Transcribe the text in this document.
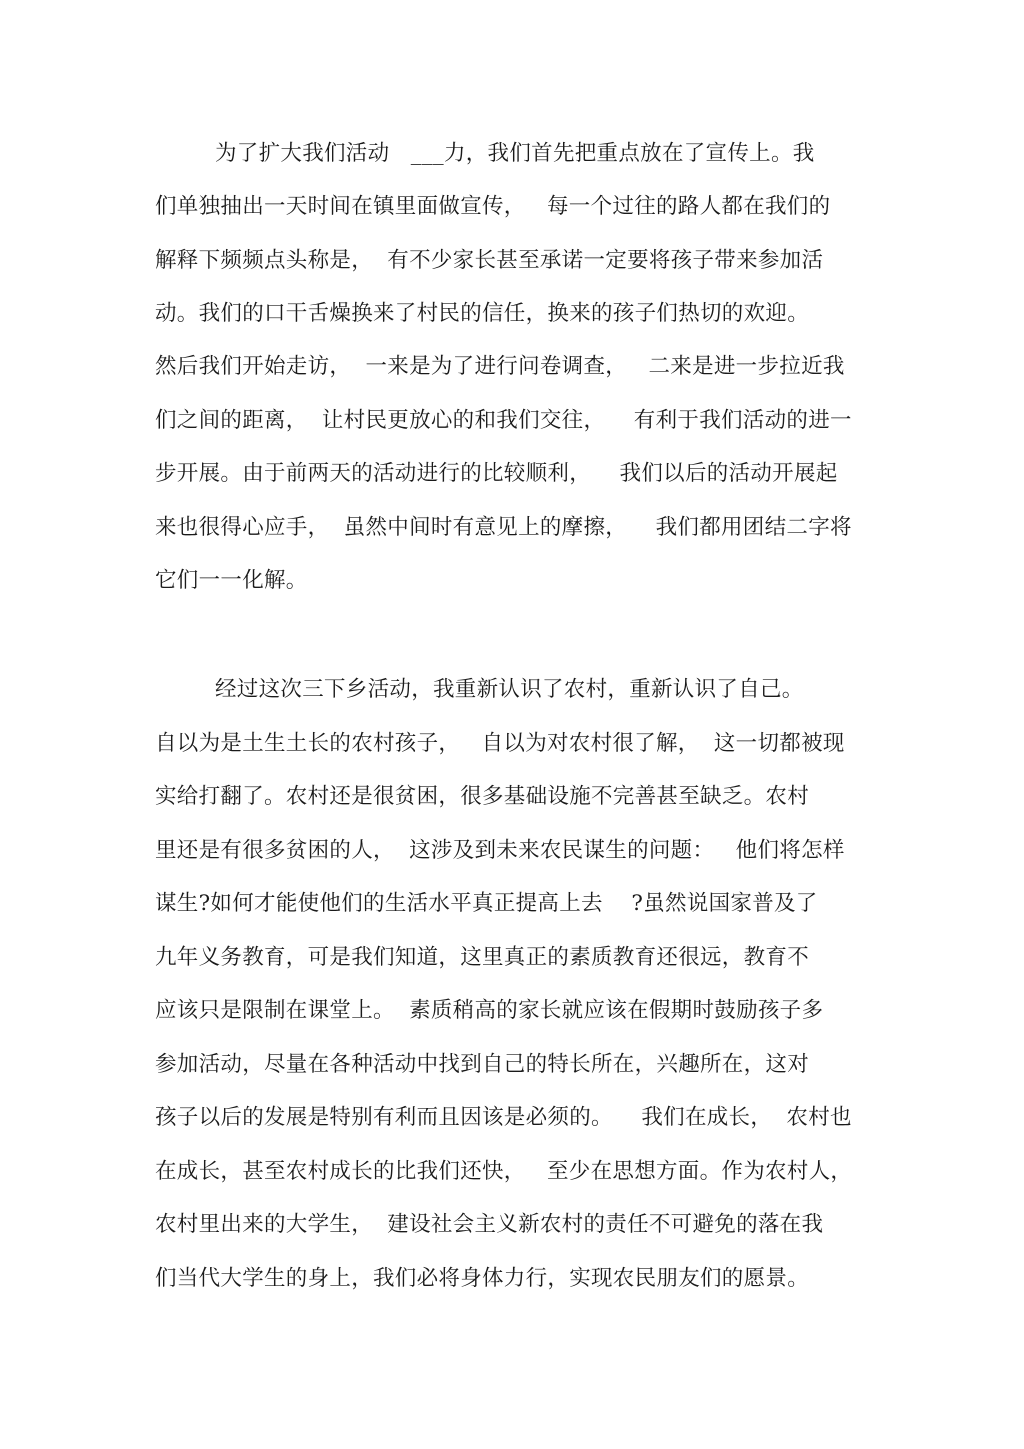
为了扩大我们活动   ___力，我们首先把重点放在了宣传上。我
们单独抽出一天时间在镇里面做宣传，   每一个过往的路人都在我们的
解释下频频点头称是，  有不少家长甚至承诺一定要将孩子带来参加活
动。我们的口干舌燥换来了村民的信任，换来的孩子们热切的欢迎。
然后我们开始走访，  一来是为了进行问卷调查，   二来是进一步拉近我
们之间的距离，  让村民更放心的和我们交往，    有利于我们活动的进一
步开展。由于前两天的活动进行的比较顺利，    我们以后的活动开展起
来也很得心应手，  虽然中间时有意见上的摩擦，    我们都用团结二字将
它们一一化解。
经过这次三下乡活动，我重新认识了农村，重新认识了自己。
自以为是土生土长的农村孩子，   自以为对农村很了解，  这一切都被现
实给打翻了。农村还是很贫困，很多基础设施不完善甚至缺乏。农村
里还是有很多贫困的人，  这涉及到未来农民谋生的问题：   他们将怎样
谋生?如何才能使他们的生活水平真正提高上去    ?虽然说国家普及了
九年义务教育，可是我们知道，这里真正的素质教育还很远，教育不
应该只是限制在课堂上。  素质稍高的家长就应该在假期时鼓励孩子多
参加活动，尽量在各种活动中找到自己的特长所在，兴趣所在，这对
孩子以后的发展是特别有利而且因该是必须的。    我们在成长，  农村也
在成长，甚至农村成长的比我们还快，   至少在思想方面。作为农村人，
农村里出来的大学生，  建设社会主义新农村的责任不可避免的落在我
们当代大学生的身上，我们必将身体力行，实现农民朋友们的愿景。
